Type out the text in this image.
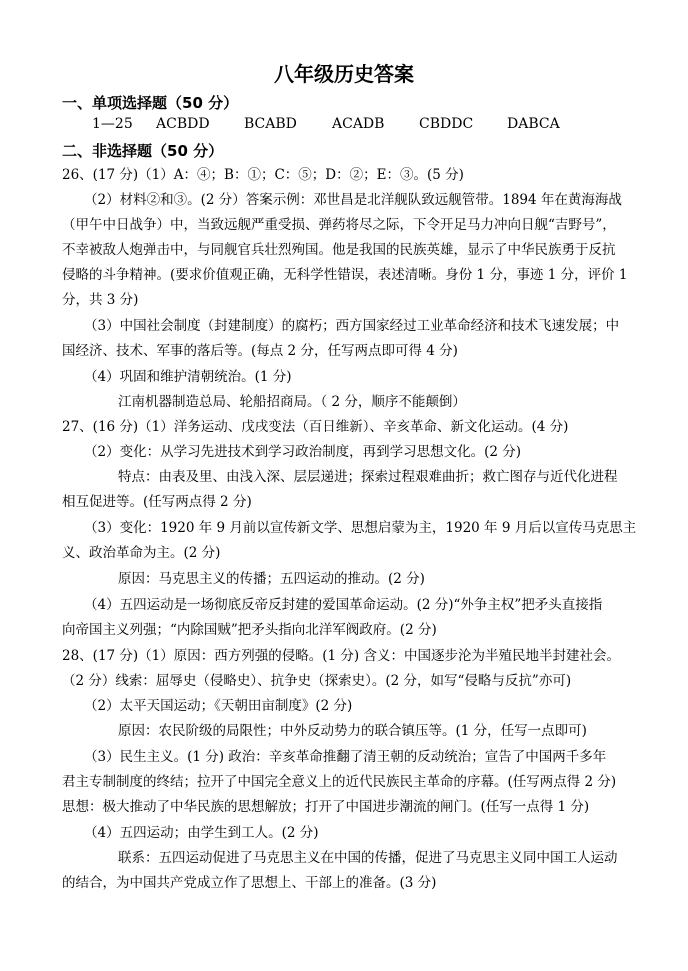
八年级历史答案
一、单项选择题（50 分）
1—25 ACBDD BCABD	ACADB CBDDC DABCA
二、非选择题（50 分）
26、(17 分)（1）A：④；B：①；C：⑤；D：②；E：③。(5 分)
（2）材料②和③。(2 分）答案示例：邓世昌是北洋舰队致远舰管带。1894 年在黄海海战
（甲午中日战争）中，当致远舰严重受损、弹药将尽之际，下令开足马力冲向日舰“吉野号”，
不幸被敌人炮弹击中，与同舰官兵壮烈殉国。他是我国的民族英雄，显示了中华民族勇于反抗
侵略的斗争精神。(要求价值观正确，无科学性错误，表述清晰。身份 1 分，事迹 1 分，评价 1
分，共 3 分)
（3）中国社会制度（封建制度）的腐朽；西方国家经过工业革命经济和技术飞速发展；中
国经济、技术、军事的落后等。(每点 2 分，任写两点即可得 4 分)
（4）巩固和维护清朝统治。(1 分)
江南机器制造总局、轮船招商局。（ 2 分，顺序不能颠倒）
27、(16 分)（1）洋务运动、戊戌变法（百日维新）、辛亥革命、新文化运动。(4 分)
（2）变化：从学习先进技术到学习政治制度，再到学习思想文化。(2 分)
特点：由表及里、由浅入深、层层递进；探索过程艰难曲折；救亡图存与近代化进程
相互促进等。(任写两点得 2 分)
（3）变化：1920 年 9 月前以宣传新文学、思想启蒙为主，1920 年 9 月后以宣传马克思主
义、政治革命为主。(2 分)
原因：马克思主义的传播；五四运动的推动。(2 分)
（4）五四运动是一场彻底反帝反封建的爱国革命运动。(2 分)“外争主权”把矛头直接指
向帝国主义列强；“内除国贼”把矛头指向北洋军阀政府。(2 分)
28、(17 分)（1）原因：西方列强的侵略。(1 分) 含义：中国逐步沦为半殖民地半封建社会。
（2 分）线索：屈辱史（侵略史）、抗争史（探索史）。(2 分，如写“侵略与反抗”亦可)
（2）太平天国运动；《天朝田亩制度》(2 分)
原因：农民阶级的局限性；中外反动势力的联合镇压等。(1 分，任写一点即可)
（3）民生主义。(1 分) 政治：辛亥革命推翻了清王朝的反动统治；宣告了中国两千多年
君主专制制度的终结；拉开了中国完全意义上的近代民族民主革命的序幕。(任写两点得 2 分)
思想：极大推动了中华民族的思想解放；打开了中国进步潮流的闸门。(任写一点得 1 分)
（4）五四运动；由学生到工人。(2 分)
联系：五四运动促进了马克思主义在中国的传播，促进了马克思主义同中国工人运动
的结合，为中国共产党成立作了思想上、干部上的准备。(3 分)
